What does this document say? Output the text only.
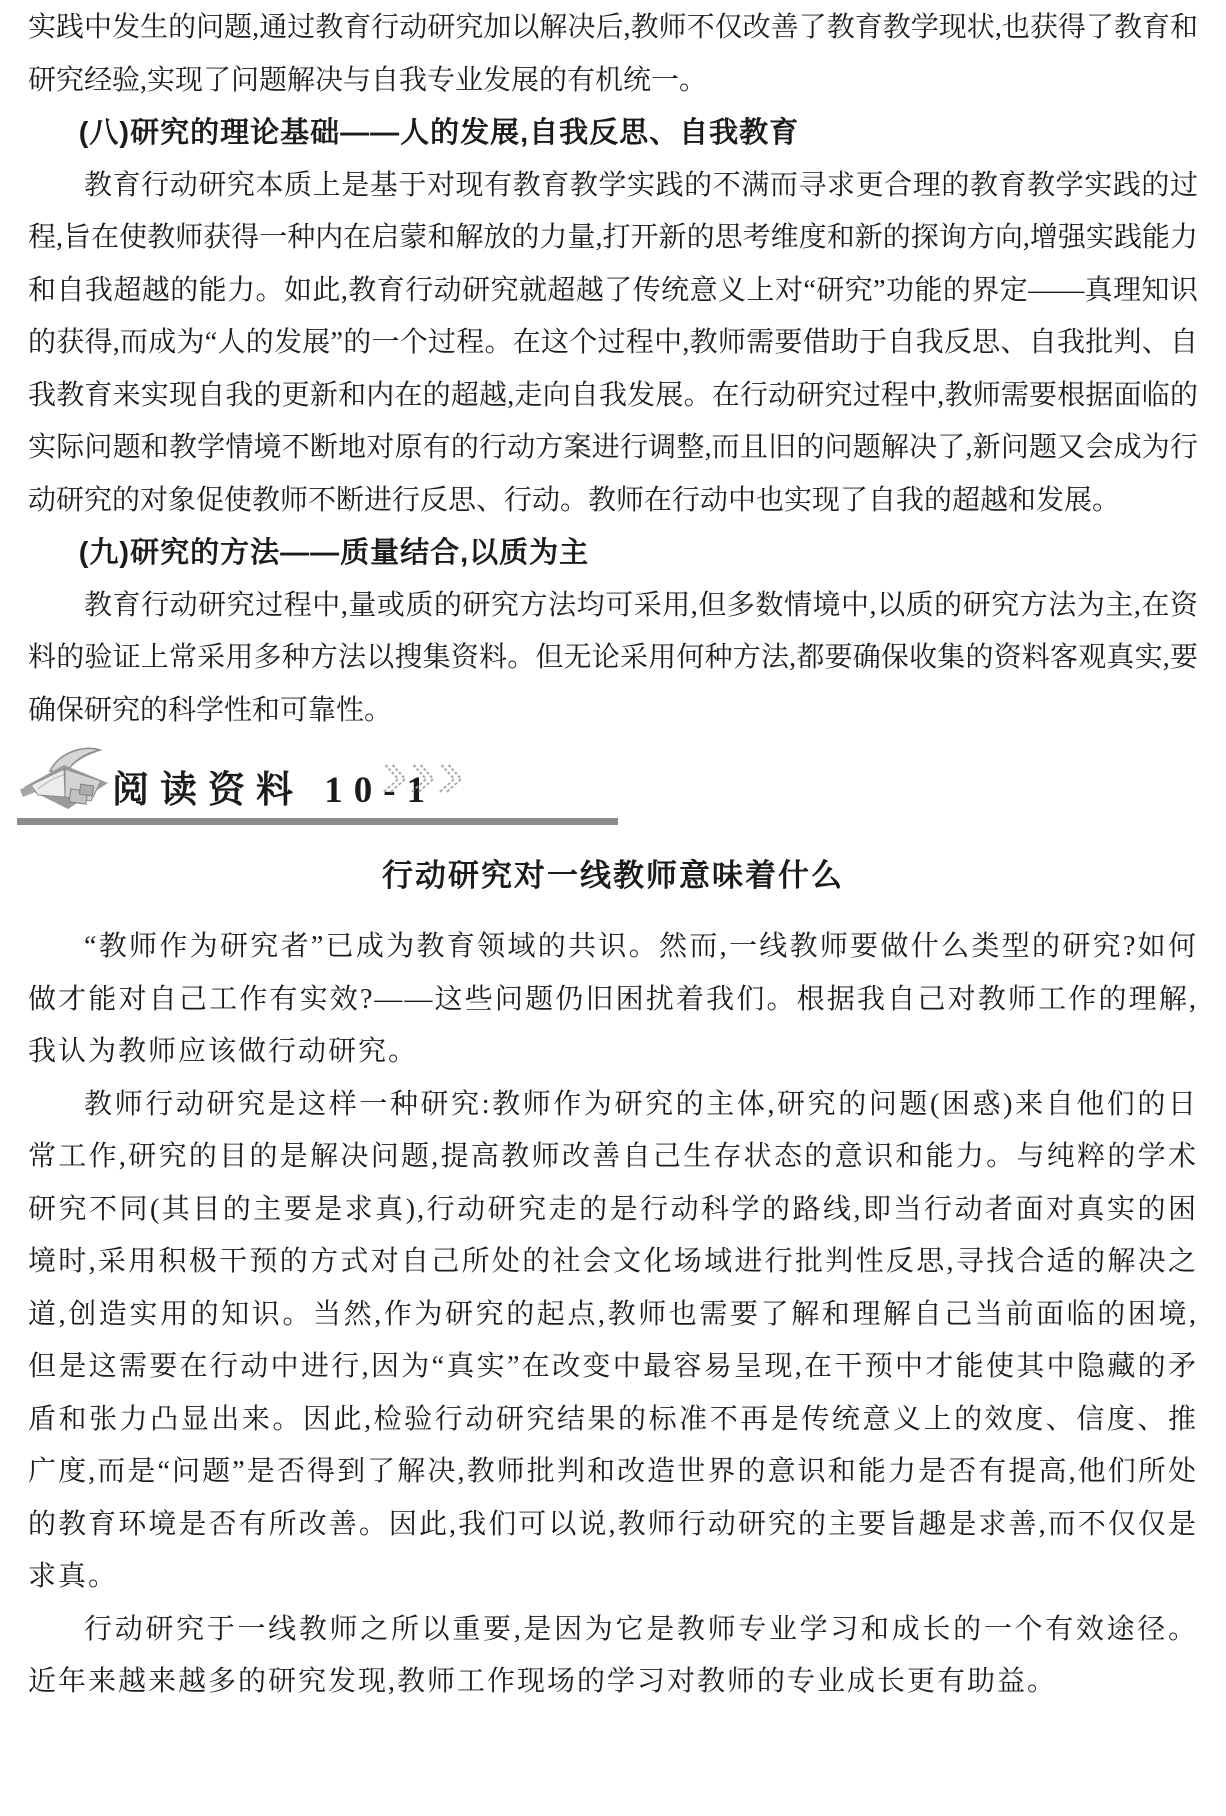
实践中发生的问题,通过教育行动研究加以解决后,教师不仅改善了教育教学现状,也获得了教育和研究经验,实现了问题解决与自我专业发展的有机统一。

(八)研究的理论基础——人的发展,自我反思、自我教育

教育行动研究本质上是基于对现有教育教学实践的不满而寻求更合理的教育教学实践的过程,旨在使教师获得一种内在启蒙和解放的力量,打开新的思考维度和新的探询方向,增强实践能力和自我超越的能力。如此,教育行动研究就超越了传统意义上对“研究”功能的界定——真理知识的获得,而成为“人的发展”的一个过程。在这个过程中,教师需要借助于自我反思、自我批判、自我教育来实现自我的更新和内在的超越,走向自我发展。在行动研究过程中,教师需要根据面临的实际问题和教学情境不断地对原有的行动方案进行调整,而且旧的问题解决了,新问题又会成为行动研究的对象促使教师不断进行反思、行动。教师在行动中也实现了自我的超越和发展。

(九)研究的方法——质量结合,以质为主

教育行动研究过程中,量或质的研究方法均可采用,但多数情境中,以质的研究方法为主,在资料的验证上常采用多种方法以搜集资料。但无论采用何种方法,都要确保收集的资料客观真实,要确保研究的科学性和可靠性。

阅读资料 10-1

行动研究对一线教师意味着什么

“教师作为研究者”已成为教育领域的共识。然而,一线教师要做什么类型的研究?如何做才能对自己工作有实效?——这些问题仍旧困扰着我们。根据我自己对教师工作的理解,我认为教师应该做行动研究。

教师行动研究是这样一种研究:教师作为研究的主体,研究的问题(困惑)来自他们的日常工作,研究的目的是解决问题,提高教师改善自己生存状态的意识和能力。与纯粹的学术研究不同(其目的主要是求真),行动研究走的是行动科学的路线,即当行动者面对真实的困境时,采用积极干预的方式对自己所处的社会文化场域进行批判性反思,寻找合适的解决之道,创造实用的知识。当然,作为研究的起点,教师也需要了解和理解自己当前面临的困境,但是这需要在行动中进行,因为“真实”在改变中最容易呈现,在干预中才能使其中隐藏的矛盾和张力凸显出来。因此,检验行动研究结果的标准不再是传统意义上的效度、信度、推广度,而是“问题”是否得到了解决,教师批判和改造世界的意识和能力是否有提高,他们所处的教育环境是否有所改善。因此,我们可以说,教师行动研究的主要旨趣是求善,而不仅仅是求真。

行动研究于一线教师之所以重要,是因为它是教师专业学习和成长的一个有效途径。近年来越来越多的研究发现,教师工作现场的学习对教师的专业成长更有助益。
